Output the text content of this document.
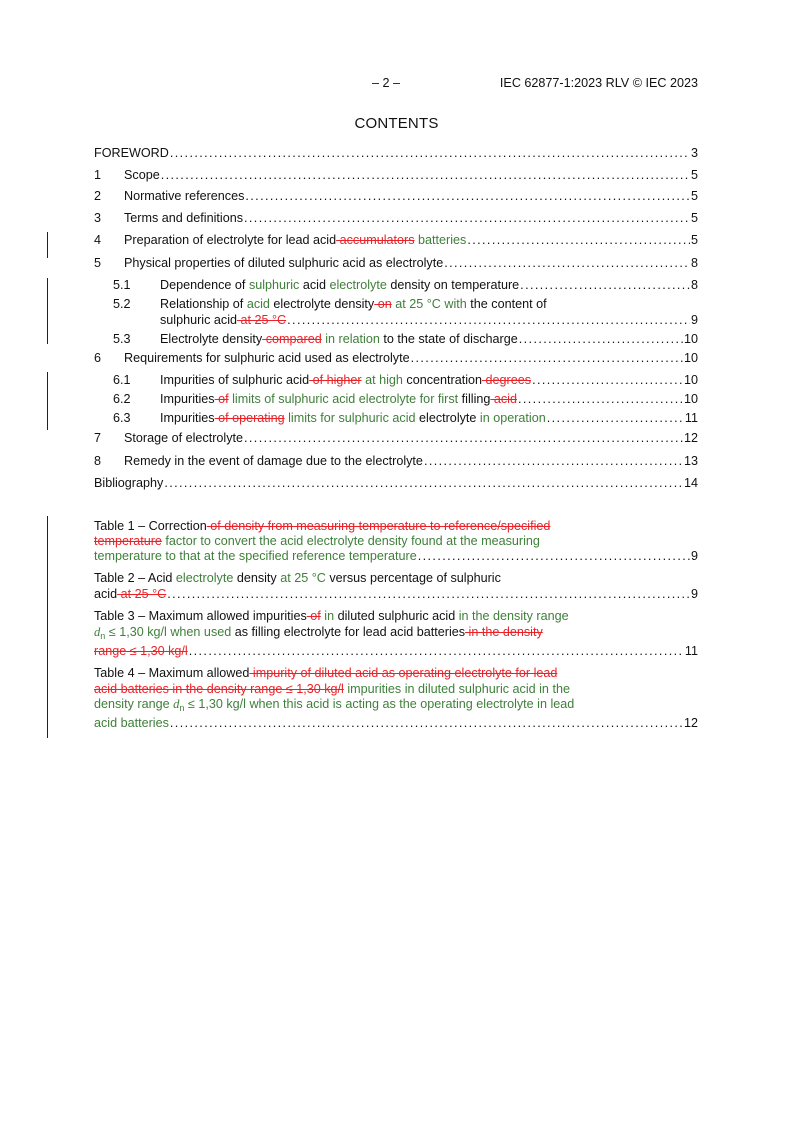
– 2 –	IEC 62877-1:2023 RLV © IEC 2023
CONTENTS
FOREWORD . . .	3
1 Scope . . .	5
2 Normative references . . .	5
3 Terms and definitions . . .	5
4 Preparation of electrolyte for lead acid accumulators batteries . . .	5
5 Physical properties of diluted sulphuric acid as electrolyte . . .	8
5.1 Dependence of sulphuric acid electrolyte density on temperature . . .	8
5.2 Relationship of acid electrolyte density on at 25 °C with the content of
sulphuric acid at 25 °C . . .	9
5.3 Electrolyte density compared in relation to the state of discharge . . .	10
6 Requirements for sulphuric acid used as electrolyte . . .	10
6.1 Impurities of sulphuric acid of higher at high concentration degrees . . .	10
6.2 Impurities of limits of sulphuric acid electrolyte for first filling acid . . .	10
6.3 Impurities of operating limits for sulphuric acid electrolyte in operation . . .	11
7 Storage of electrolyte . . .	12
8 Remedy in the event of damage due to the electrolyte . . .	13
Bibliography . . .	14
Table 1 – Correction of density from measuring temperature to reference/specified
temperature factor to convert the acid electrolyte density found at the measuring
temperature to that at the specified reference temperature . . .	9
Table 2 – Acid electrolyte density at 25 °C versus percentage of sulphuric
acid at 25 °C . . .	9
Table 3 – Maximum allowed impurities of in diluted sulphuric acid in the density range
$d_n \le 1,30$ kg/l when used as filling electrolyte for lead acid batteries in the density
range ≤ 1,30 kg/l . . .	11
Table 4 – Maximum allowed impurity of diluted acid as operating electrolyte for lead
acid batteries in the density range ≤ 1,30 kg/l impurities in diluted sulphuric acid in the
density range $d_n \le 1,30$ kg/l when this acid is acting as the operating electrolyte in lead
acid batteries . . .	12
